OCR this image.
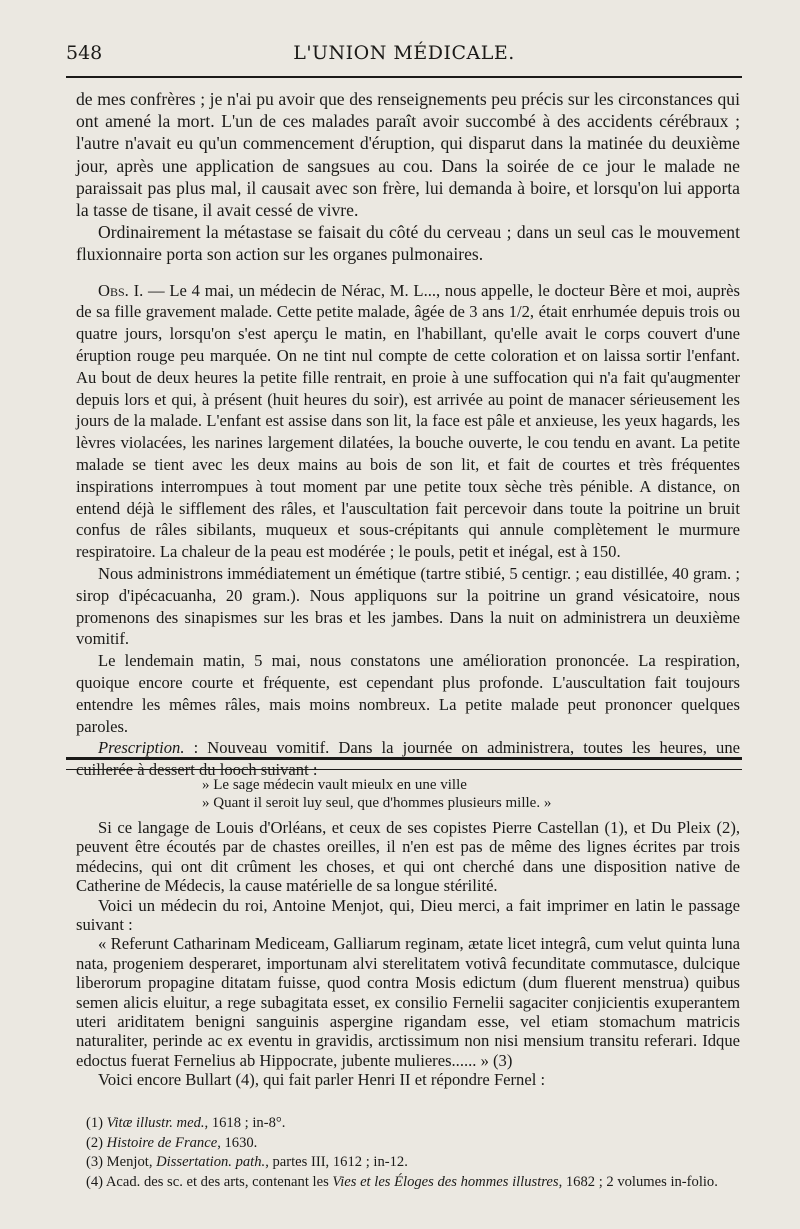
548	L'UNION MÉDICALE.

de mes confrères ; je n'ai pu avoir que des renseignements peu précis sur les circonstances qui ont amené la mort. L'un de ces malades paraît avoir succombé à des accidents cérébraux ; l'autre n'avait eu qu'un commencement d'éruption, qui disparut dans la matinée du deuxième jour, après une application de sangsues au cou. Dans la soirée de ce jour le malade ne paraissait pas plus mal, il causait avec son frère, lui demanda à boire, et lorsqu'on lui apporta la tasse de tisane, il avait cessé de vivre.

Ordinairement la métastase se faisait du côté du cerveau ; dans un seul cas le mouvement fluxionnaire porta son action sur les organes pulmonaires.

Obs. I. — Le 4 mai, un médecin de Nérac, M. L..., nous appelle, le docteur Bère et moi, auprès de sa fille gravement malade. Cette petite malade, âgée de 3 ans 1/2, était enrhumée depuis trois ou quatre jours, lorsqu'on s'est aperçu le matin, en l'habillant, qu'elle avait le corps couvert d'une éruption rouge peu marquée. On ne tint nul compte de cette coloration et on laissa sortir l'enfant. Au bout de deux heures la petite fille rentrait, en proie à une suffocation qui n'a fait qu'augmenter depuis lors et qui, à présent (huit heures du soir), est arrivée au point de manacer sérieusement les jours de la malade. L'enfant est assise dans son lit, la face est pâle et anxieuse, les yeux hagards, les lèvres violacées, les narines largement dilatées, la bouche ouverte, le cou tendu en avant. La petite malade se tient avec les deux mains au bois de son lit, et fait de courtes et très fréquentes inspirations interrompues à tout moment par une petite toux sèche très pénible. A distance, on entend déjà le sifflement des râles, et l'auscultation fait percevoir dans toute la poitrine un bruit confus de râles sibilants, muqueux et sous-crépitants qui annule complètement le murmure respiratoire. La chaleur de la peau est modérée ; le pouls, petit et inégal, est à 150.

Nous administrons immédiatement un émétique (tartre stibié, 5 centigr. ; eau distillée, 40 gram. ; sirop d'ipécacuanha, 20 gram.). Nous appliquons sur la poitrine un grand vésicatoire, nous promenons des sinapismes sur les bras et les jambes. Dans la nuit on administrera un deuxième vomitif.

Le lendemain matin, 5 mai, nous constatons une amélioration prononcée. La respiration, quoique encore courte et fréquente, est cependant plus profonde. L'auscultation fait toujours entendre les mêmes râles, mais moins nombreux. La petite malade peut prononcer quelques paroles.

Prescription. : Nouveau vomitif. Dans la journée on administrera, toutes les heures, une cuillerée à dessert du looch suivant :

» Le sage médecin vault mieulx en une ville
» Quant il seroit luy seul, que d'hommes plusieurs mille. »

Si ce langage de Louis d'Orléans, et ceux de ses copistes Pierre Castellan (1), et Du Pleix (2), peuvent être écoutés par de chastes oreilles, il n'en est pas de même des lignes écrites par trois médecins, qui ont dit crûment les choses, et qui ont cherché dans une disposition native de Catherine de Médecis, la cause matérielle de sa longue stérilité.

Voici un médecin du roi, Antoine Menjot, qui, Dieu merci, a fait imprimer en latin le passage suivant :

« Referunt Catharinam Mediceam, Galliarum reginam, ætate licet integrâ, cum velut quinta luna nata, progeniem desperaret, importunam alvi sterelitatem votivâ fecunditate commutasce, dulcique liberorum propagine ditatam fuisse, quod contra Mosis edictum (dum fluerent menstrua) quibus semen alicis eluitur, a rege subagitata esset, ex consilio Fernelii sagaciter conjicientis exuperantem uteri ariditatem benigni sanguinis aspergine rigandam esse, vel etiam stomachum matricis naturaliter, perinde ac ex eventu in gravidis, arctissimum non nisi mensium transitu referari. Idque edoctus fuerat Fernelius ab Hippocrate, jubente mulieres...... » (3)

Voici encore Bullart (4), qui fait parler Henri II et répondre Fernel :

(1) Vitæ illustr. med., 1618 ; in-8°.
(2) Histoire de France, 1630.
(3) Menjot, Dissertation. path., partes III, 1612 ; in-12.
(4) Acad. des sc. et des arts, contenant les Vies et les Éloges des hommes illustres, 1682 ; 2 volumes in-folio.
